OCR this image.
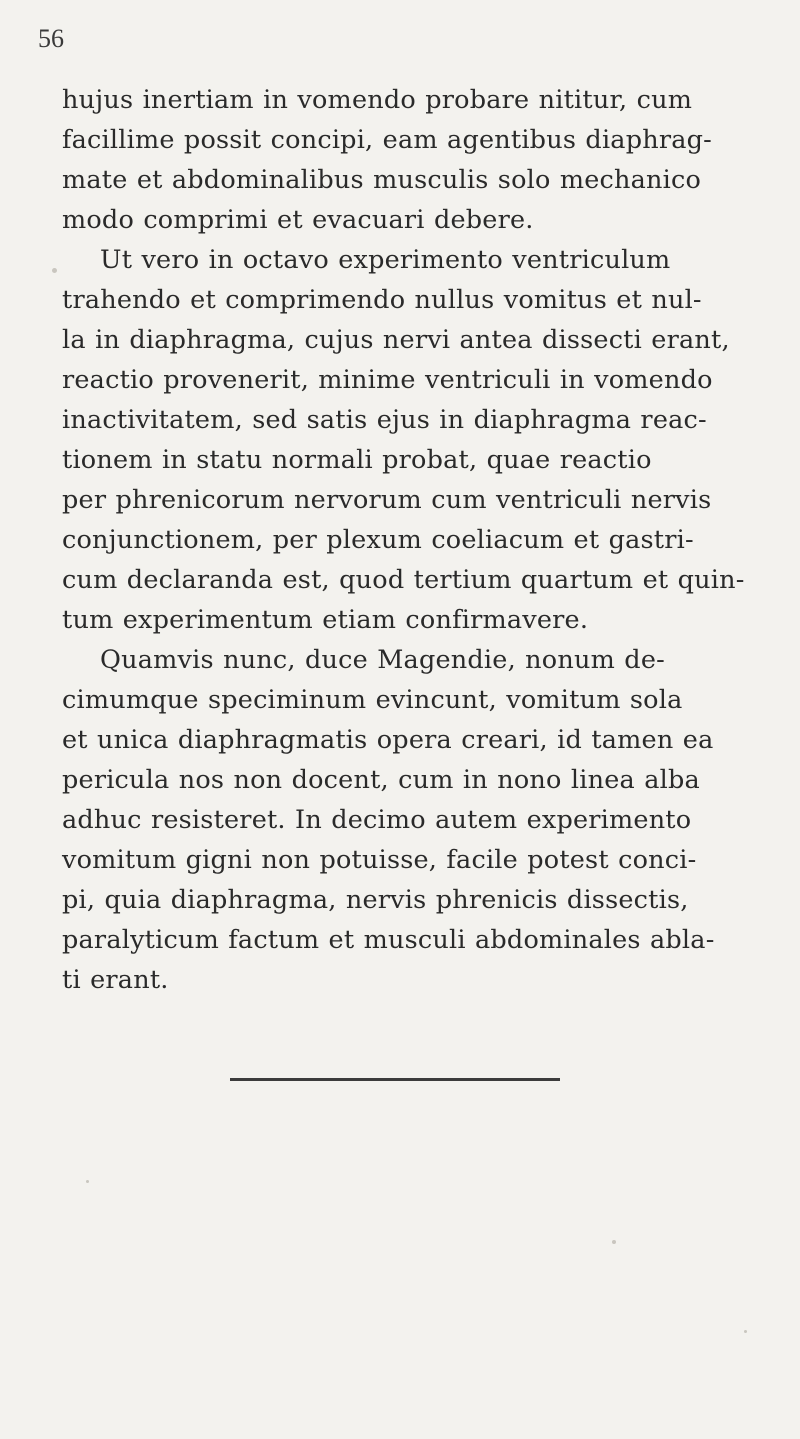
56
hujus inertiam in vomendo probare nititur, cum
facillime possit concipi, eam agentibus diaphrag-
mate et abdominalibus musculis solo mechanico
modo comprimi et evacuari debere.
Ut vero in octavo experimento ventriculum
trahendo et comprimendo nullus vomitus et nul-
la in diaphragma, cujus nervi antea dissecti erant,
reactio provenerit, minime ventriculi in vomendo
inactivitatem, sed satis ejus in diaphragma reac-
tionem in statu normali probat, quae reactio
per phrenicorum nervorum cum ventriculi nervis
conjunctionem, per plexum coeliacum et gastri-
cum declaranda est, quod tertium quartum et quin-
tum experimentum etiam confirmavere.
Quamvis nunc, duce Magendie, nonum de-
cimumque speciminum evincunt, vomitum sola
et unica diaphragmatis opera creari, id tamen ea
pericula nos non docent, cum in nono linea alba
adhuc resisteret. In decimo autem experimento
vomitum gigni non potuisse, facile potest conci-
pi, quia diaphragma, nervis phrenicis dissectis,
paralyticum factum et musculi abdominales abla-
ti erant.
